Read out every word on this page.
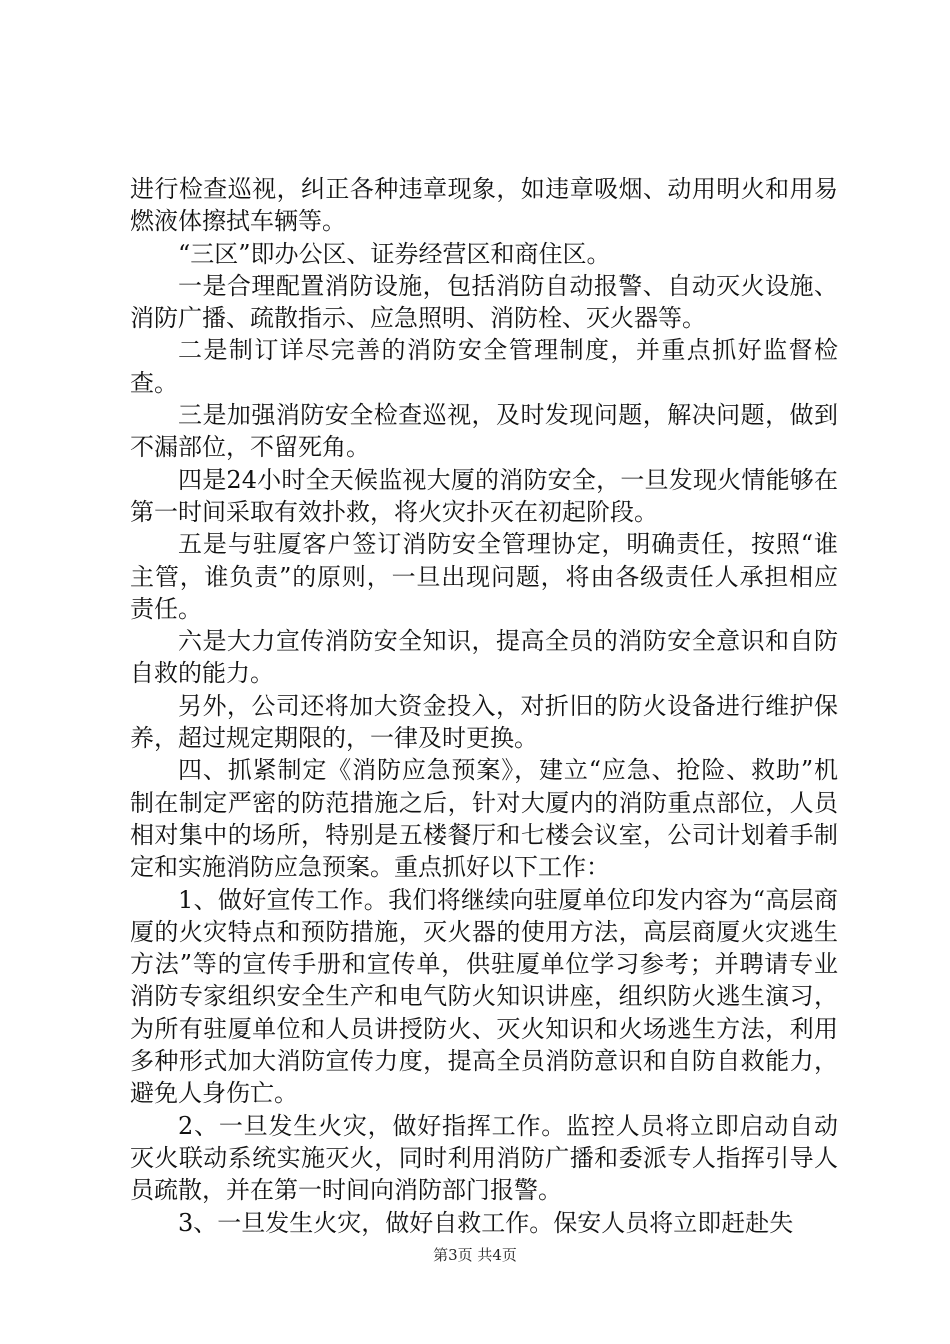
进行检查巡视，纠正各种违章现象，如违章吸烟、动用明火和用易燃液体擦拭车辆等。

“三区”即办公区、证券经营区和商住区。

一是合理配置消防设施，包括消防自动报警、自动灭火设施、消防广播、疏散指示、应急照明、消防栓、灭火器等。

二是制订详尽完善的消防安全管理制度，并重点抓好监督检查。

三是加强消防安全检查巡视，及时发现问题，解决问题，做到不漏部位，不留死角。

四是24小时全天候监视大厦的消防安全，一旦发现火情能够在第一时间采取有效扑救，将火灾扑灭在初起阶段。

五是与驻厦客户签订消防安全管理协定，明确责任，按照“谁主管，谁负责”的原则，一旦出现问题，将由各级责任人承担相应责任。

六是大力宣传消防安全知识，提高全员的消防安全意识和自防自救的能力。

另外，公司还将加大资金投入，对折旧的防火设备进行维护保养，超过规定期限的，一律及时更换。

四、抓紧制定《消防应急预案》，建立“应急、抢险、救助”机制在制定严密的防范措施之后，针对大厦内的消防重点部位，人员相对集中的场所，特别是五楼餐厅和七楼会议室，公司计划着手制定和实施消防应急预案。重点抓好以下工作：

1、做好宣传工作。我们将继续向驻厦单位印发内容为“高层商厦的火灾特点和预防措施，灭火器的使用方法，高层商厦火灾逃生方法”等的宣传手册和宣传单，供驻厦单位学习参考；并聘请专业消防专家组织安全生产和电气防火知识讲座，组织防火逃生演习，为所有驻厦单位和人员讲授防火、灭火知识和火场逃生方法，利用多种形式加大消防宣传力度，提高全员消防意识和自防自救能力，避免人身伤亡。

2、一旦发生火灾，做好指挥工作。监控人员将立即启动自动灭火联动系统实施灭火，同时利用消防广播和委派专人指挥引导人员疏散，并在第一时间向消防部门报警。

3、一旦发生火灾，做好自救工作。保安人员将立即赶赴失

第3页 共4页
